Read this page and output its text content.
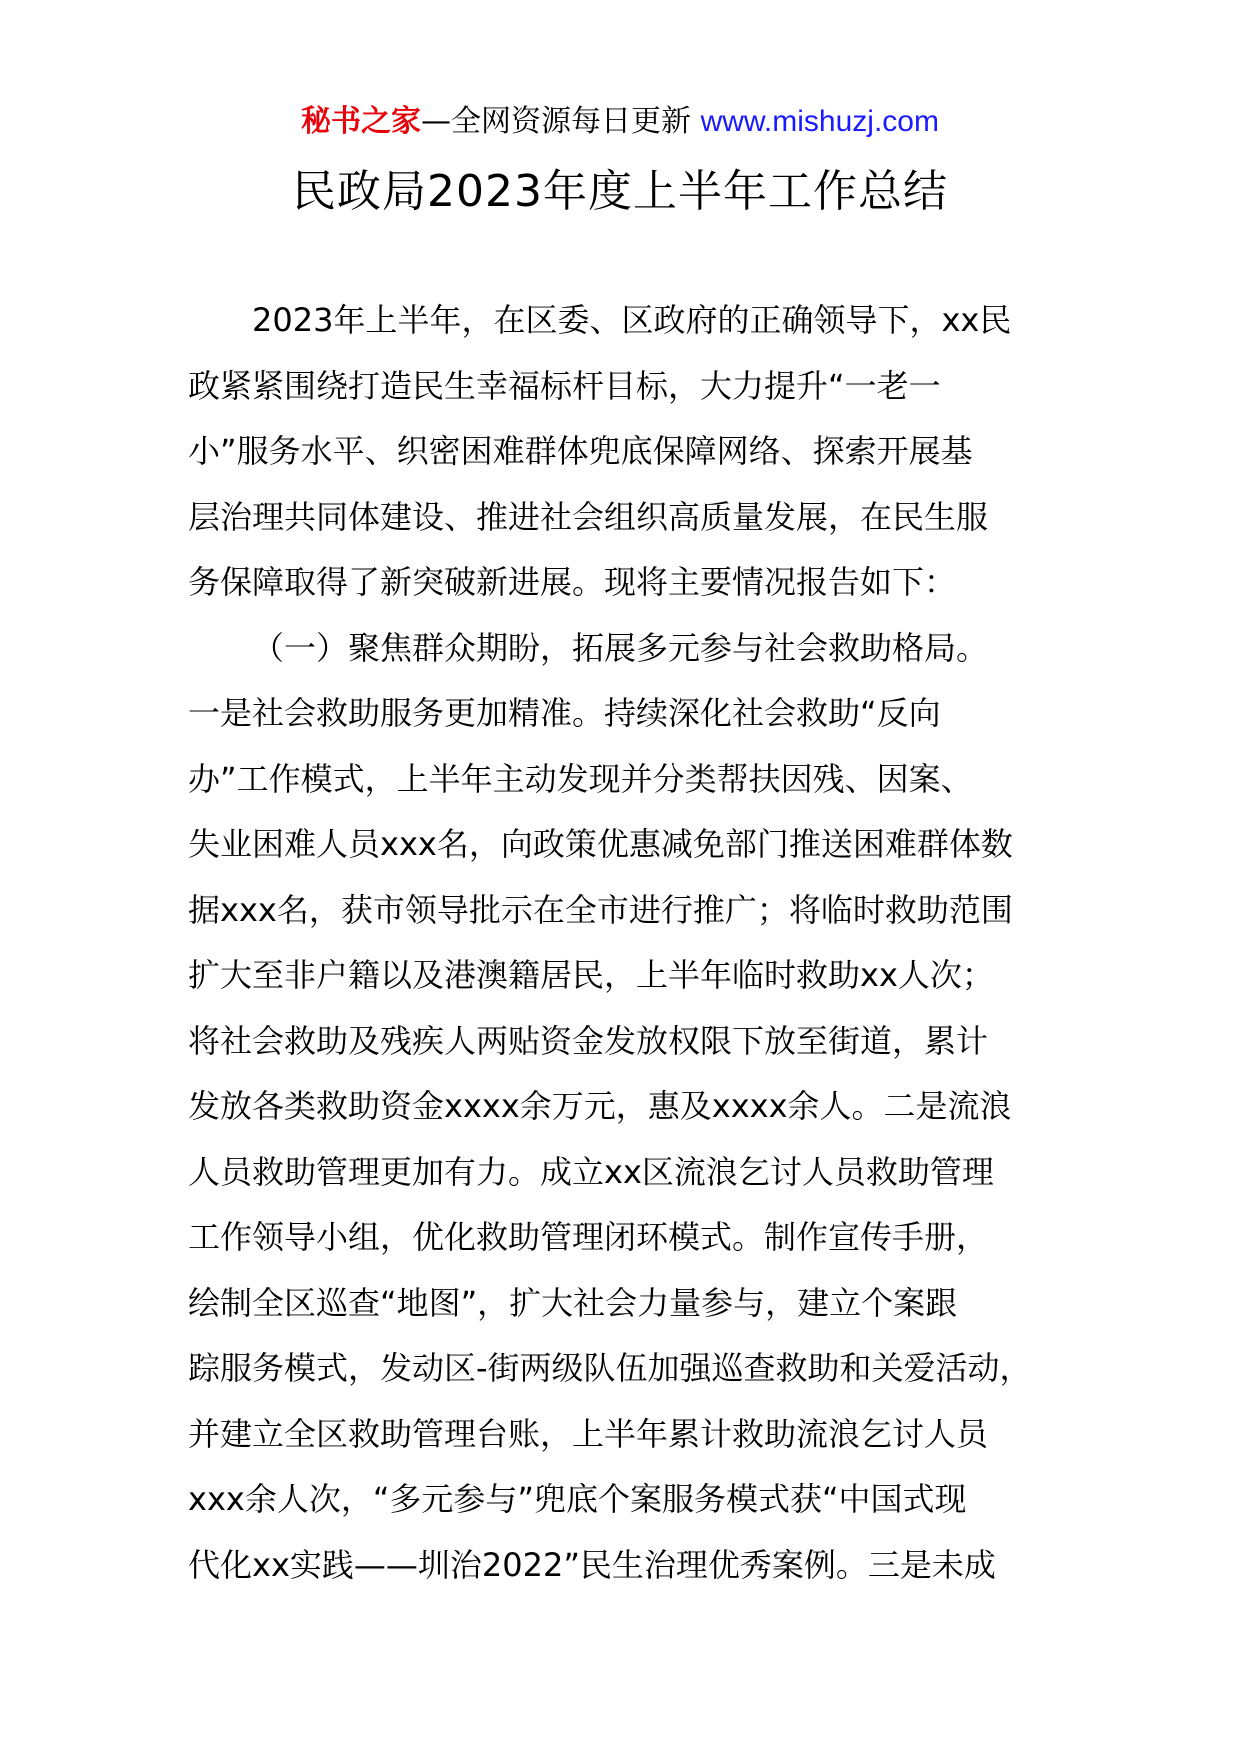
秘书之家—全网资源每日更新 www.mishuzj.com
民政局2023年度上半年工作总结
2023年上半年，在区委、区政府的正确领导下，xx民
政紧紧围绕打造民生幸福标杆目标，大力提升“一老一
小”服务水平、织密困难群体兜底保障网络、探索开展基
层治理共同体建设、推进社会组织高质量发展，在民生服
务保障取得了新突破新进展。现将主要情况报告如下：
（一）聚焦群众期盼，拓展多元参与社会救助格局。
一是社会救助服务更加精准。持续深化社会救助“反向
办”工作模式，上半年主动发现并分类帮扶因残、因案、
失业困难人员xxx名，向政策优惠减免部门推送困难群体数
据xxx名，获市领导批示在全市进行推广；将临时救助范围
扩大至非户籍以及港澳籍居民，上半年临时救助xx人次；
将社会救助及残疾人两贴资金发放权限下放至街道，累计
发放各类救助资金xxxx余万元，惠及xxxx余人。二是流浪
人员救助管理更加有力。成立xx区流浪乞讨人员救助管理
工作领导小组，优化救助管理闭环模式。制作宣传手册，
绘制全区巡查“地图”，扩大社会力量参与，建立个案跟
踪服务模式，发动区-街两级队伍加强巡查救助和关爱活动，
并建立全区救助管理台账，上半年累计救助流浪乞讨人员
xxx余人次，“多元参与”兜底个案服务模式获“中国式现
代化xx实践——圳治2022”民生治理优秀案例。三是未成
